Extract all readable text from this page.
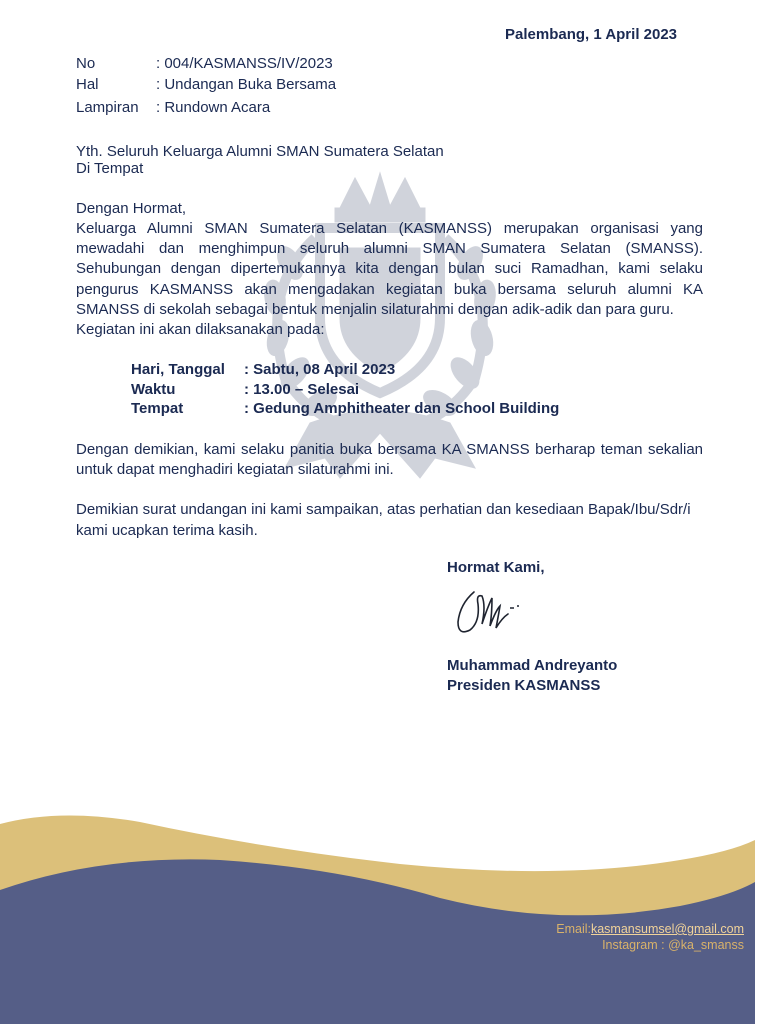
Palembang, 1 April 2023
No	: 004/KASMANSS/IV/2023
Hal	: Undangan Buka Bersama
Lampiran : Rundown Acara
Yth. Seluruh Keluarga Alumni SMAN Sumatera Selatan
Di Tempat
Dengan Hormat,
Keluarga Alumni SMAN Sumatera Selatan (KASMANSS) merupakan organisasi yang mewadahi dan menghimpun seluruh alumni SMAN Sumatera Selatan (SMANSS). Sehubungan dengan dipertemukannya kita dengan bulan suci Ramadhan, kami selaku pengurus KASMANSS akan mengadakan kegiatan buka bersama seluruh alumni KA SMANSS di sekolah sebagai bentuk menjalin silaturahmi dengan adik-adik dan para guru.
Kegiatan ini akan dilaksanakan pada:
Hari, Tanggal : Sabtu, 08 April 2023
Waktu	: 13.00 – Selesai
Tempat	: Gedung Amphitheater dan School Building
Dengan demikian, kami selaku panitia buka bersama KA SMANSS berharap teman sekalian untuk dapat menghadiri kegiatan silaturahmi ini.
Demikian surat undangan ini kami sampaikan, atas perhatian dan kesediaan Bapak/Ibu/Sdr/i
kami ucapkan terima kasih.
Hormat Kami,
Muhammad Andreyanto
Presiden KASMANSS
Email:kasmansumsel@gmail.com
Instagram : @ka_smanss
